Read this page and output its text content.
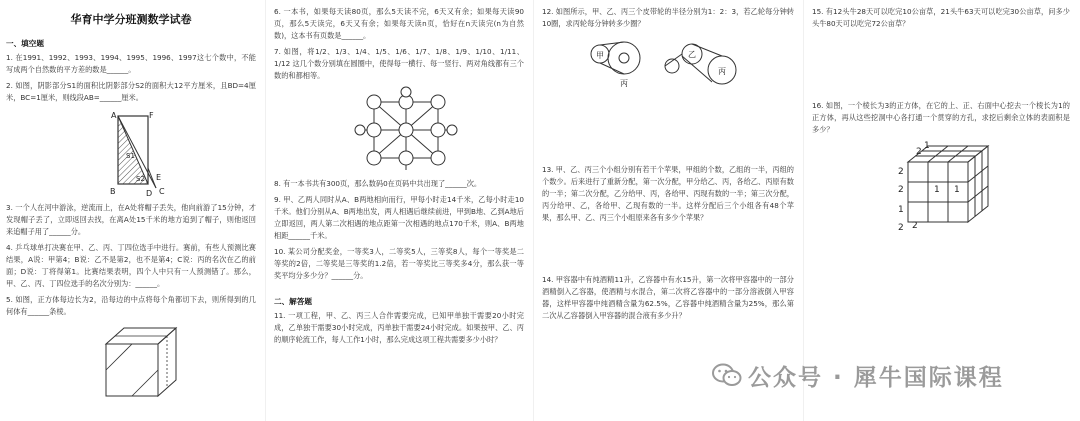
华育中学分班测数学试卷
一、填空题
1. 在1991、1992、1993、1994、1995、1996、1997这七个数中，不能写成两个自然数的平方差的数是______。
2. 如图，阴影部分S1的面积比阴影部分S2的面积大12平方厘米，且BD=4厘米，BC=1厘米，则线段AB=______厘米。
A	F
B
S1
S2 E
D C
3. 一个人在河中游泳，逆流而上，在A处将帽子丢失，他向前游了15分钟，才发现帽子丢了，立即返回去找，在离A处15千米的地方追到了帽子，则他返回来追帽子用了______分。
4. 乒乓球单打决赛在甲、乙、丙、丁四位选手中进行。赛前，有些人预测比赛结果，A说：甲第4；B说：乙不是第2，也不是第4；C说：丙的名次在乙的前面；D说：丁将得第1。比赛结果表明，四个人中只有一人预测错了。那么，甲、乙、丙、丁四位选手的名次分别为：______。
5. 如图，正方体每边长为2，沿每边的中点将每个角都切下去，则所得到的几何体有______条棱。
6. 一本书，如果每天读80页，那么5天读不完，6天又有余；如果每天读90页，那么5天读完，6天又有余；如果每天读n页，恰好在n天读完(n为自然数)，这本书有页数是______。
7. 如图，将1/2、1/3、1/4、1/5、1/6、1/7、1/8、1/9、1/10、1/11、1/12 这几个数分别填在圆圈中，使得每一横行、每一竖行、两对角线都有三个数的和都相等。
8. 有一本书共有300页，那么数码0在页码中共出现了______次。
9. 甲、乙两人同时从A、B两地相向而行，甲每小时走14千米，乙每小时走10千米。他们分别从A、B两地出发，两人相遇后继续前进，甲到B地、乙到A地后立即返回，两人第二次相遇的地点距第一次相遇的地点170千米，则A、B两地相距______千米。
10. 某公司分配奖金，一等奖3人，二等奖5人，三等奖8人，每个一等奖是二等奖的2倍，二等奖是三等奖的1.2倍，若一等奖比三等奖多4分，那么获一等奖平均分多少分？______分。
二、解答题
11. 一项工程，甲、乙、丙三人合作需要完成，已知甲单独干需要20小时完成，乙单独干需要30小时完成，丙单独干需要24小时完成。如果按甲、乙、丙的顺序轮流工作，每人工作1小时，那么完成这项工程共需要多少小时？
12. 如图所示，甲、乙、丙三个皮带轮的半径分别为1：2：3，若乙轮每分钟转10圈，求丙轮每分钟转多少圈？
甲
丙
乙
丙
13. 甲、乙、丙三个小组分别有若干个苹果，甲组的个数，乙组的一半，丙组的个数少。后来进行了重新分配，第一次分配，甲分给乙、丙，各给乙、丙原有数的一半；第二次分配，乙分给甲、丙，各给甲、丙现有数的一半；第三次分配，丙分给甲、乙，各给甲、乙现有数的一半。这样分配后三个小组各有48个苹果，那么甲、乙、丙三个小组原来各有多少个苹果？
14. 甲容器中有纯酒精11升，乙容器中有水15升，第一次将甲容器中的一部分酒精倒入乙容器，使酒精与水混合，第二次将乙容器中的一部分溶液倒入甲容器，这样甲容器中纯酒精含量为62.5%，乙容器中纯酒精含量为25%，那么第二次从乙容器倒入甲容器的混合液有多少升？
15. 有12头牛28天可以吃完10公亩草，21头牛63天可以吃完30公亩草，问多少头牛80天可以吃完72公亩草？
16. 如图，一个棱长为3的正方体，在它的上、正、右面中心挖去一个棱长为1的正方体，再从这些挖洞中心各打通一个贯穿的方孔，求挖后剩余立体的表面积是多少？
2
1
2
2
1
1
2
1
2
公众号 · 犀牛国际课程
